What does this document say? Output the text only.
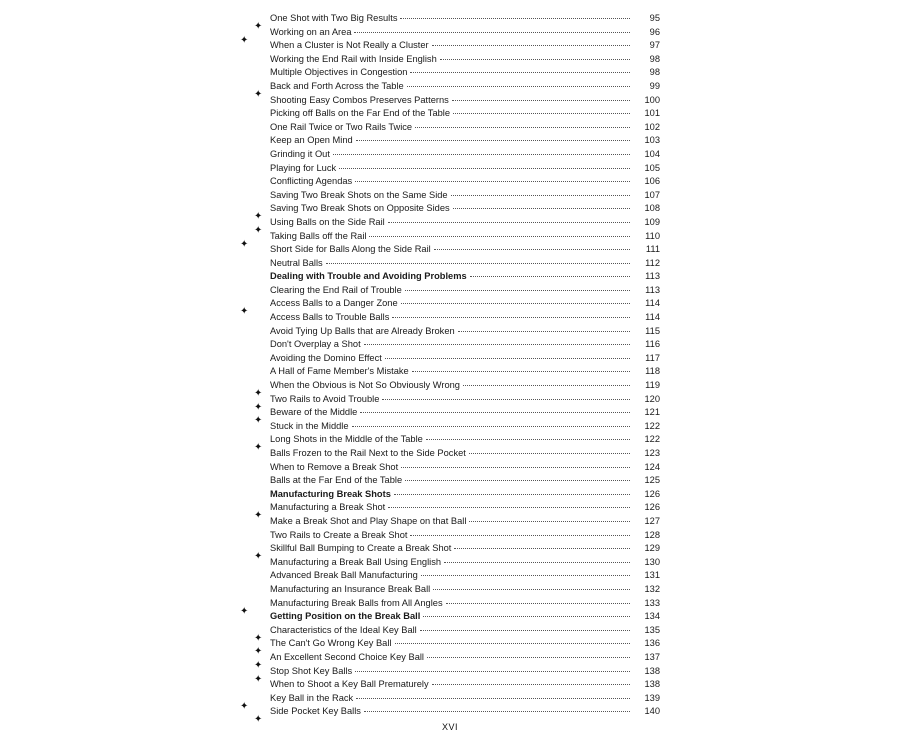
✦
One Shot with Two Big Results	95
✦
Working on an Area	96
When a Cluster is Not Really a Cluster	97
Working the End Rail with Inside English	98
Multiple Objectives in Congestion	98
✦
Back and Forth Across the Table	99
Shooting Easy Combos Preserves Patterns	100
Picking off Balls on the Far End of the Table	101
One Rail Twice or Two Rails Twice	102
Keep an Open Mind	103
Grinding it Out	104
Playing for Luck	105
Conflicting Agendas	106
Saving Two Break Shots on the Same Side	107
✦
Saving Two Break Shots on Opposite Sides	108
✦
Using Balls on the Side Rail	109
✦
Taking Balls off the Rail	110
Short Side for Balls Along the Side Rail	111
Neutral Balls	112
Dealing with Trouble and Avoiding Problems	113
Clearing the End Rail of Trouble	113
✦
Access Balls to a Danger Zone	114
Access Balls to Trouble Balls	114
Avoid Tying Up Balls that are Already Broken	115
Don't Overplay a Shot	116
Avoiding the Domino Effect	117
A Hall of Fame Member's Mistake	118
✦
When the Obvious is Not So Obviously Wrong	119
✦
Two Rails to Avoid Trouble	120
✦
Beware of the Middle	121
Stuck in the Middle	122
✦
Long Shots in the Middle of the Table	122
Balls Frozen to the Rail Next to the Side Pocket	123
When to Remove a Break Shot	124
Balls at the Far End of the Table	125
Manufacturing Break Shots	126
✦
Manufacturing a Break Shot	126
Make a Break Shot and Play Shape on that Ball	127
Two Rails to Create a Break Shot	128
✦
Skillful Ball Bumping to Create a Break Shot	129
Manufacturing a Break Ball Using English	130
Advanced Break Ball Manufacturing	131
Manufacturing an Insurance Break Ball	132
✦
Manufacturing Break Balls from All Angles	133
Getting Position on the Break Ball	134
✦
Characteristics of the Ideal Key Ball	135
✦
The Can't Go Wrong Key Ball	136
✦
An Excellent Second Choice Key Ball	137
✦
Stop Shot Key Balls	138
When to Shoot a Key Ball Prematurely	138
✦
Key Ball in the Rack	139
✦
Side Pocket Key Balls	140
XVI
